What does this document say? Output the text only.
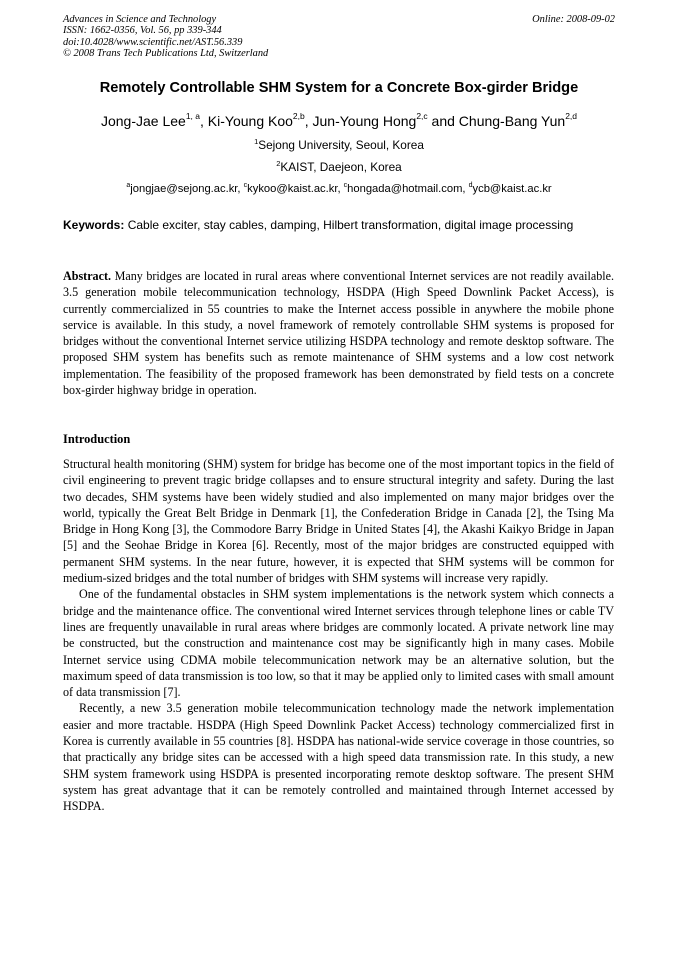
Advances in Science and Technology
ISSN: 1662-0356, Vol. 56, pp 339-344
doi:10.4028/www.scientific.net/AST.56.339
© 2008 Trans Tech Publications Ltd, Switzerland
Online: 2008-09-02
Remotely Controllable SHM System for a Concrete Box-girder Bridge
Jong-Jae Lee$^{1, a}$, Ki-Young Koo$^{2,b}$, Jun-Young Hong$^{2,c}$ and Chung-Bang Yun$^{2,d}$
$^1$Sejong University, Seoul, Korea
$^2$KAIST, Daejeon, Korea
$^a$jongjae@sejong.ac.kr, $^c$kykoo@kaist.ac.kr, $^c$hongada@hotmail.com, $^d$ycb@kaist.ac.kr
Keywords: Cable exciter, stay cables, damping, Hilbert transformation, digital image processing
Abstract. Many bridges are located in rural areas where conventional Internet services are not readily available. 3.5 generation mobile telecommunication technology, HSDPA (High Speed Downlink Packet Access), is currently commercialized in 55 countries to make the Internet access possible in anywhere the mobile phone service is available. In this study, a novel framework of remotely controllable SHM systems is proposed for bridges without the conventional Internet service utilizing HSDPA technology and remote desktop software. The proposed SHM system has benefits such as remote maintenance of SHM systems and a low cost network implementation. The feasibility of the proposed framework has been demonstrated by field tests on a concrete box-girder highway bridge in operation.
Introduction

Structural health monitoring (SHM) system for bridge has become one of the most important topics in the field of civil engineering to prevent tragic bridge collapses and to ensure structural integrity and safety. During the last two decades, SHM systems have been widely studied and also implemented on many major bridges over the world, typically the Great Belt Bridge in Denmark [1], the Confederation Bridge in Canada [2], the Tsing Ma Bridge in Hong Kong [3], the Commodore Barry Bridge in United States [4], the Akashi Kaikyo Bridge in Japan [5] and the Seohae Bridge in Korea [6]. Recently, most of the major bridges are constructed equipped with permanent SHM systems. In the near future, however, it is expected that SHM systems will be common for medium-sized bridges and the total number of bridges with SHM systems will increase very rapidly.

One of the fundamental obstacles in SHM system implementations is the network system which connects a bridge and the maintenance office. The conventional wired Internet services through telephone lines or cable TV lines are frequently unavailable in rural areas where bridges are commonly located. A private network line may be constructed, but the construction and maintenance cost may be significantly high in many cases. Mobile Internet service using CDMA mobile telecommunication network may be an alternative solution, but the maximum speed of data transmission is too low, so that it may be applied only to limited cases with small amount of data transmission [7].

Recently, a new 3.5 generation mobile telecommunication technology made the network implementation easier and more tractable. HSDPA (High Speed Downlink Packet Access) technology commercialized first in Korea is currently available in 55 countries [8]. HSDPA has national-wide service coverage in those countries, so that practically any bridge sites can be accessed with a high speed data transmission rate. In this study, a new SHM system framework using HSDPA is presented incorporating remote desktop software. The present SHM system has great advantage that it can be remotely controlled and maintained through Internet accessed by HSDPA.
